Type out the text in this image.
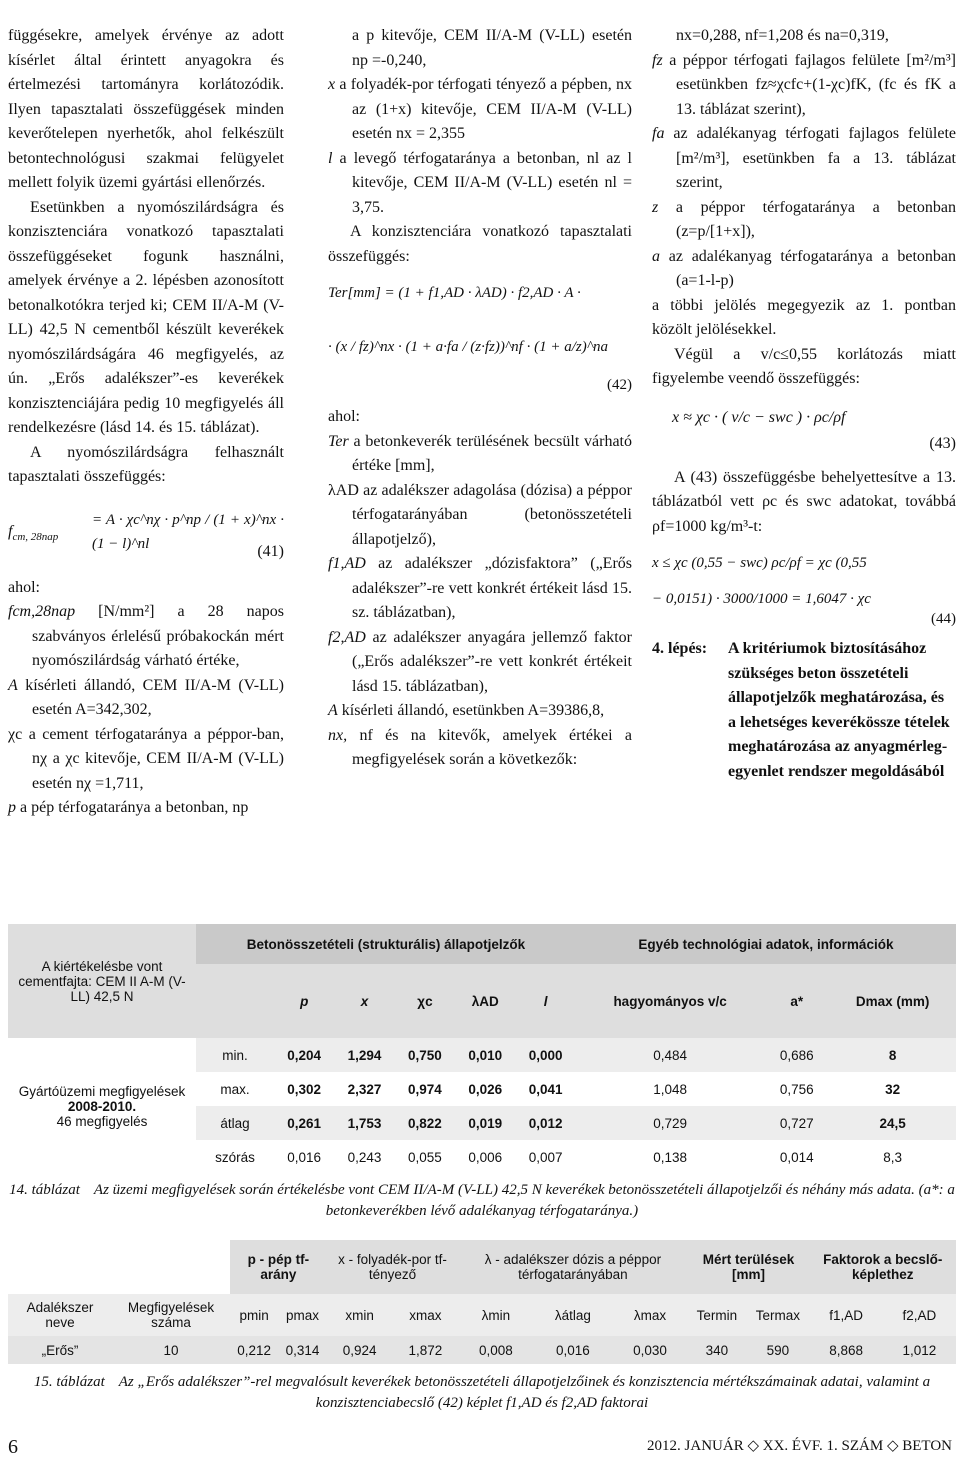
függésekre, amelyek érvénye az adott kísérlet által érintett anyagokra és értelmezési tartományra korlátozódik. Ilyen tapasztalati összefüggések minden keverőtelepen nyerhetők, ahol felkészült betontechnológusi szakmai felügyelet mellett folyik üzemi gyártási ellenőrzés.

Esetünkben a nyomószilárdságra és konzisztenciára vonatkozó tapasztalati összefüggéseket fogunk használni, amelyek érvénye a 2. lépésben azonosított betonalkotókra terjed ki; CEM II/A-M (V-LL) 42,5 N cementből készült keverékek nyomószilárdságára 46 megfigyelés, az ún. „Erős adalékszer”-es keverékek konzisztenciájára pedig 10 megfigyelés áll rendelkezésre (lásd 14. és 15. táblázat).

A nyomószilárdságra felhasznált tapasztalati összefüggés:

$f_{cm, 28nap}$
= A · χc^nχ · p^np / (1 + x)^nx · (1 − l)^nl	(41)

ahol:

fcm,28nap [N/mm²] a 28 napos szabványos érlelésű próbakockán mért nyomószilárdság várható értéke,

A kísérleti állandó, CEM II/A-M (V-LL) esetén A=342,302,

χc a cement térfogataránya a péppor-ban, nχ a χc kitevője, CEM II/A-M (V-LL) esetén nχ =1,711,

p a pép térfogataránya a betonban, np

a p kitevője, CEM II/A-M (V-LL) esetén np =-0,240,

x a folyadék-por térfogati tényező a pépben, nx az (1+x) kitevője, CEM II/A-M (V-LL) esetén nx = 2,355

l a levegő térfogataránya a betonban, nl az l kitevője, CEM II/A-M (V-LL) esetén nl = 3,75.

A konzisztenciára vonatkozó tapasztalati összefüggés:

Ter[mm] = (1 + f1,AD · λAD) · f2,AD · A ·
· (x / fz)^nx · (1 + a·fa / (z·fz))^nf · (1 + a/z)^na
(42)

ahol:

Ter a betonkeverék terülésének becsült várható értéke [mm],

λAD az adalékszer adagolása (dózisa) a péppor térfogatarányában (betonösszetételi állapotjelző),

f1,AD az adalékszer „dózisfaktora” („Erős adalékszer”-re vett konkrét értékeit lásd 15. sz. táblázatban),

f2,AD az adalékszer anyagára jellemző faktor („Erős adalékszer”-re vett konkrét értékeit lásd 15. táblázatban),

A kísérleti állandó, esetünkben A=39386,8,

nx, nf és na kitevők, amelyek értékei a megfigyelések során a következők:

nx=0,288, nf=1,208 és na=0,319,

fz a péppor térfogati fajlagos felülete [m²/m³] esetünkben fz≈χcfc+(1-χc)fK, (fc és fK a 13. táblázat szerint),

fa az adalékanyag térfogati fajlagos felülete [m²/m³], esetünkben fa a 13. táblázat szerint,

z a péppor térfogataránya a betonban (z=p/[1+x]),

a az adalékanyag térfogataránya a betonban (a=1-l-p)

a többi jelölés megegyezik az 1. pontban közölt jelölésekkel.

Végül a v/c≤0,55 korlátozás miatt figyelembe veendő összefüggés:

x ≈ χc · ( v/c − swc ) · ρc/ρf
(43)

A (43) összefüggésbe behelyettesítve a 13. táblázatból vett ρc és swc adatokat, továbbá ρf=1000 kg/m³-t:

x ≤ χc (0,55 − swc) ρc/ρf = χc (0,55
− 0,0151) · 3000/1000 = 1,6047 · χc
(44)
4. lépés:	A kritériumok biztosításához szükséges beton összetételi állapotjelzők meghatározása, és a lehetséges keverékössze tételek meghatározása az anyagmérleg-egyenlet rendszer megoldásából
A kiértékelésbe vont cementfajta: CEM II A-M (V-LL) 42,5 N	Betonösszetételi (strukturális) állapotjelzők						Egyéb technológiai adatok, információk		
		p	x	χc	λAD	l	hagyományos v/c	a*	Dmax (mm)

Gyártóüzemi megfigyelések
2008-2010.
46 megfigyelés	min.	0,204	1,294	0,750	0,010	0,000	0,484	0,686	8
	max.	0,302	2,327	0,974	0,026	0,041	1,048	0,756	32
	átlag	0,261	1,753	0,822	0,019	0,012	0,729	0,727	24,5
	szórás	0,016	0,243	0,055	0,006	0,007	0,138	0,014	8,3
14. táblázat Az üzemi megfigyelések során értékelésbe vont CEM II/A-M (V-LL) 42,5 N keverékek betonösszetételi állapotjelzői és néhány más adata. (a*: a betonkeverékben lévő adalékanyag térfogataránya.)
		p - pép tf-arány		x - folyadék-por tf-tényező		λ - adalékszer dózis a péppor térfogatarányában			Mért terülések [mm]		Faktorok a becslő-képlethez	
Adalékszer neve	Megfigyelések száma	pmin	pmax	xmin	xmax	λmin	λátlag	λmax	Termin	Termax	f1,AD	f2,AD
„Erős”	10	0,212	0,314	0,924	1,872	0,008	0,016	0,030	340	590	8,868	1,012
15. táblázat Az „Erős adalékszer”-rel megvalósult keverékek betonösszetételi állapotjelzőinek és konzisztencia mértékszámainak adatai, valamint a konzisztenciabecslő (42) képlet f1,AD és f2,AD faktorai
6	2012. JANUÁR ◇ XX. ÉVF. 1. SZÁM ◇ BETON
